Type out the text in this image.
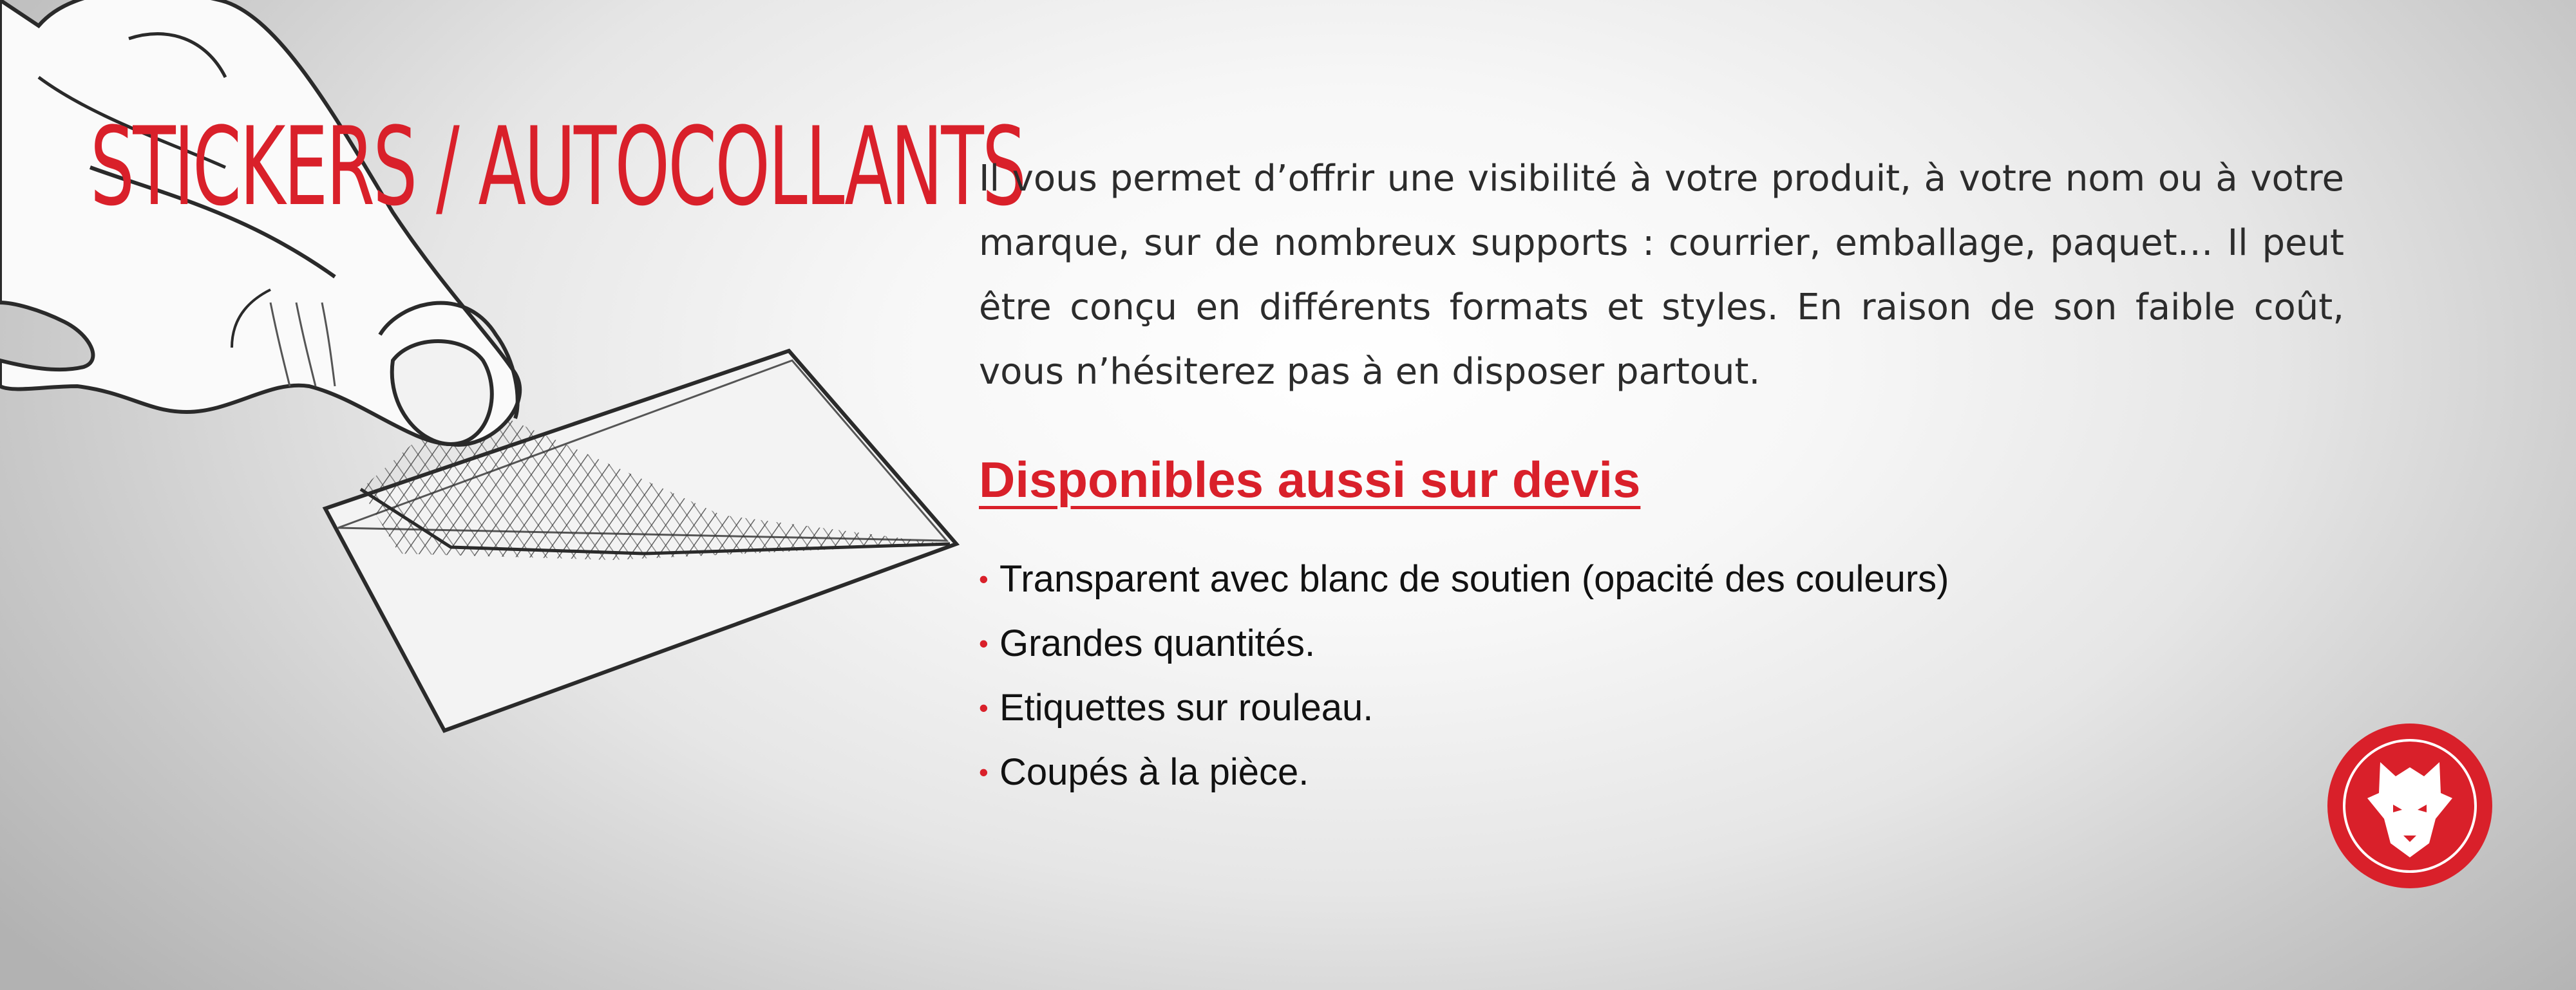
STICKERS / AUTOCOLLANTS

Il vous permet d’offrir une visibilité à votre produit, à votre nom ou à votre marque, sur de nombreux supports : courrier, emballage, paquet… Il peut être conçu en différents formats et styles. En raison de son faible coût, vous n’hésiterez pas à en disposer partout.

Disponibles aussi sur devis
• Transparent avec blanc de soutien (opacité des couleurs)
• Grandes quantités.
• Etiquettes sur rouleau.
• Coupés à la pièce.
